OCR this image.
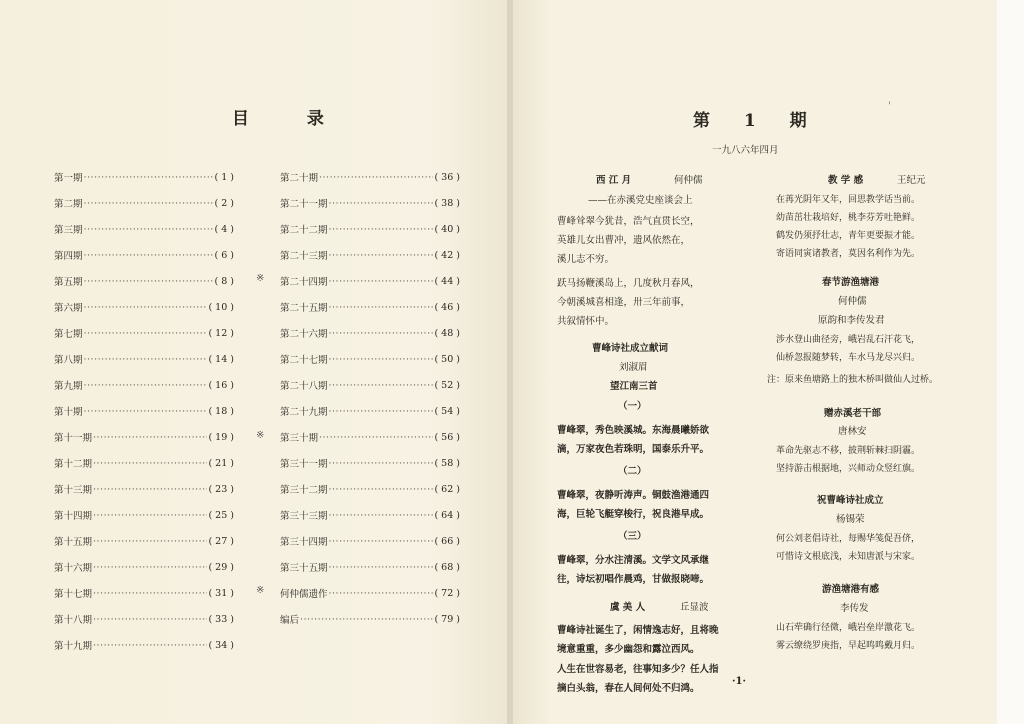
目 录
第一期 ·····	( 1 )
第二期 ·····	( 2 )
第三期 ·····	( 4 )
第四期 ·····	( 6 )
第五期 ·····	( 8 )
第六期 ·····	( 10 )
第七期 ·····	( 12 )
第八期 ·····	( 14 )
第九期 ·····	( 16 )
第十期 ·····	( 18 )
第十一期 ·····	( 19 )
第十二期 ·····	( 21 )
第十三期 ·····	( 23 )
第十四期 ·····	( 25 )
第十五期 ·····	( 27 )
第十六期 ·····	( 29 )
第十七期 ·····	( 31 )
第十八期 ·····	( 33 )
第十九期 ·····	( 34 )
第二十期 ·····	( 36 )
第二十一期 ·····	( 38 )
第二十二期 ·····	( 40 )
第二十三期 ·····	( 42 )
第二十四期 ·····	( 44 )
第二十五期 ·····	( 46 )
第二十六期 ·····	( 48 )
第二十七期 ·····	( 50 )
第二十八期 ·····	( 52 )
第二十九期 ·····	( 54 )
第三十期 ·····	( 56 )
第三十一期 ·····	( 58 )
第三十二期 ·····	( 62 )
第三十三期 ·····	( 64 )
第三十四期 ·····	( 66 )
第三十五期 ·····	( 68 )
何仲儒遗作 ·····	( 72 )
编后 ·····	( 79 )
※
※
※
第 1 期
'
一九八六年四月
西 江 月	何仲儒
——在赤溪党史座谈会上
曹峰耸翠今犹昔，浩气直贯长空，
英雄儿女出曹冲，遗风依然在，
溪儿志不穷。
跃马扬鞭溪岛上，几度秋月春风，
今朝溪城喜相逢，卅三年前事，
共叙情怀中。
曹峰诗社成立献词
刘淑眉
望江南三首
（一）
曹峰翠，秀色映溪城。东海晨曦娇欲
滴，万家夜色若珠明，国泰乐升平。
（二）
曹峰翠，夜静听涛声。铜鼓渔港通四
海，巨轮飞艇穿梭行，祝良港早成。
（三）
曹峰翠，分水注清溪。文学文风承继
往，诗坛初唱作晨鸡，甘做报晓啼。
虞 美 人	丘显波
曹峰诗社诞生了，闲情逸志好，且将晚
境意重重，多少幽怨和露泣西风。
人生在世容易老，往事知多少？任人指
摘白头翁，春在人间何处不归鸿。
教 学 感	王纪元
在苒光阴年又年，回思教学话当前。
幼苗茁壮栽培好，桃李芬芳吐艳鲜。
鹤发仍须抒壮志，青年更要振才能。
寄语同寅诸教者，莫因名利作为先。
春节游渔塘港
何仲儒
原韵和李传发君
涉水登山曲径旁，峨岩乱石汗花飞，
仙桥忽报随梦转，车水马龙尽兴归。
注：原来鱼塘路上的独木桥叫做仙人过桥。
赠赤溪老干部
唐林安
革命先驱志不移，披荆斩棘扫阴霾。
坚持游击根据地，兴师动众竖红旗。
祝曹峰诗社成立
杨锡荣
何公刘老倡诗社，每赐华笺促吾侪，
可惜诗文根底浅，未知唐派与宋家。
游渔塘港有感
李传发
山石荦确行径微，峨岩垒岸激花飞。
雾云缭绕罗庚指，早起鸣鸣戴月归。
·1·
